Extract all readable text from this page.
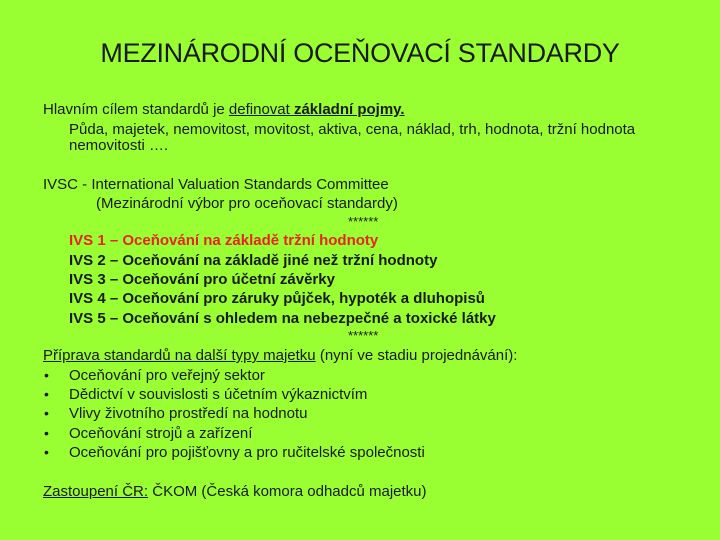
MEZINÁRODNÍ OCEŇOVACÍ STANDARDY
Hlavním cílem standardů je definovat základní pojmy.
Půda, majetek, nemovitost, movitost, aktiva, cena, náklad, trh, hodnota, tržní hodnota
nemovitosti ….
IVSC - International Valuation Standards Committee
(Mezinárodní výbor pro oceňovací standardy)
******
IVS 1 – Oceňování na základě tržní hodnoty
IVS 2 – Oceňování na základě jiné než tržní hodnoty
IVS 3 – Oceňování pro účetní závěrky
IVS 4 – Oceňování pro záruky půjček, hypoték a dluhopisů
IVS 5 – Oceňování s ohledem na nebezpečné a toxické látky
******
Příprava standardů na další typy majetku (nyní ve stadiu projednávání):
• Oceňování pro veřejný sektor
• Dědictví v souvislosti s účetním výkaznictvím
• Vlivy životního prostředí na hodnotu
• Oceňování strojů a zařízení
• Oceňování pro pojišťovny a pro ručitelské společnosti
Zastoupení ČR: ČKOM (Česká komora odhadců majetku)
